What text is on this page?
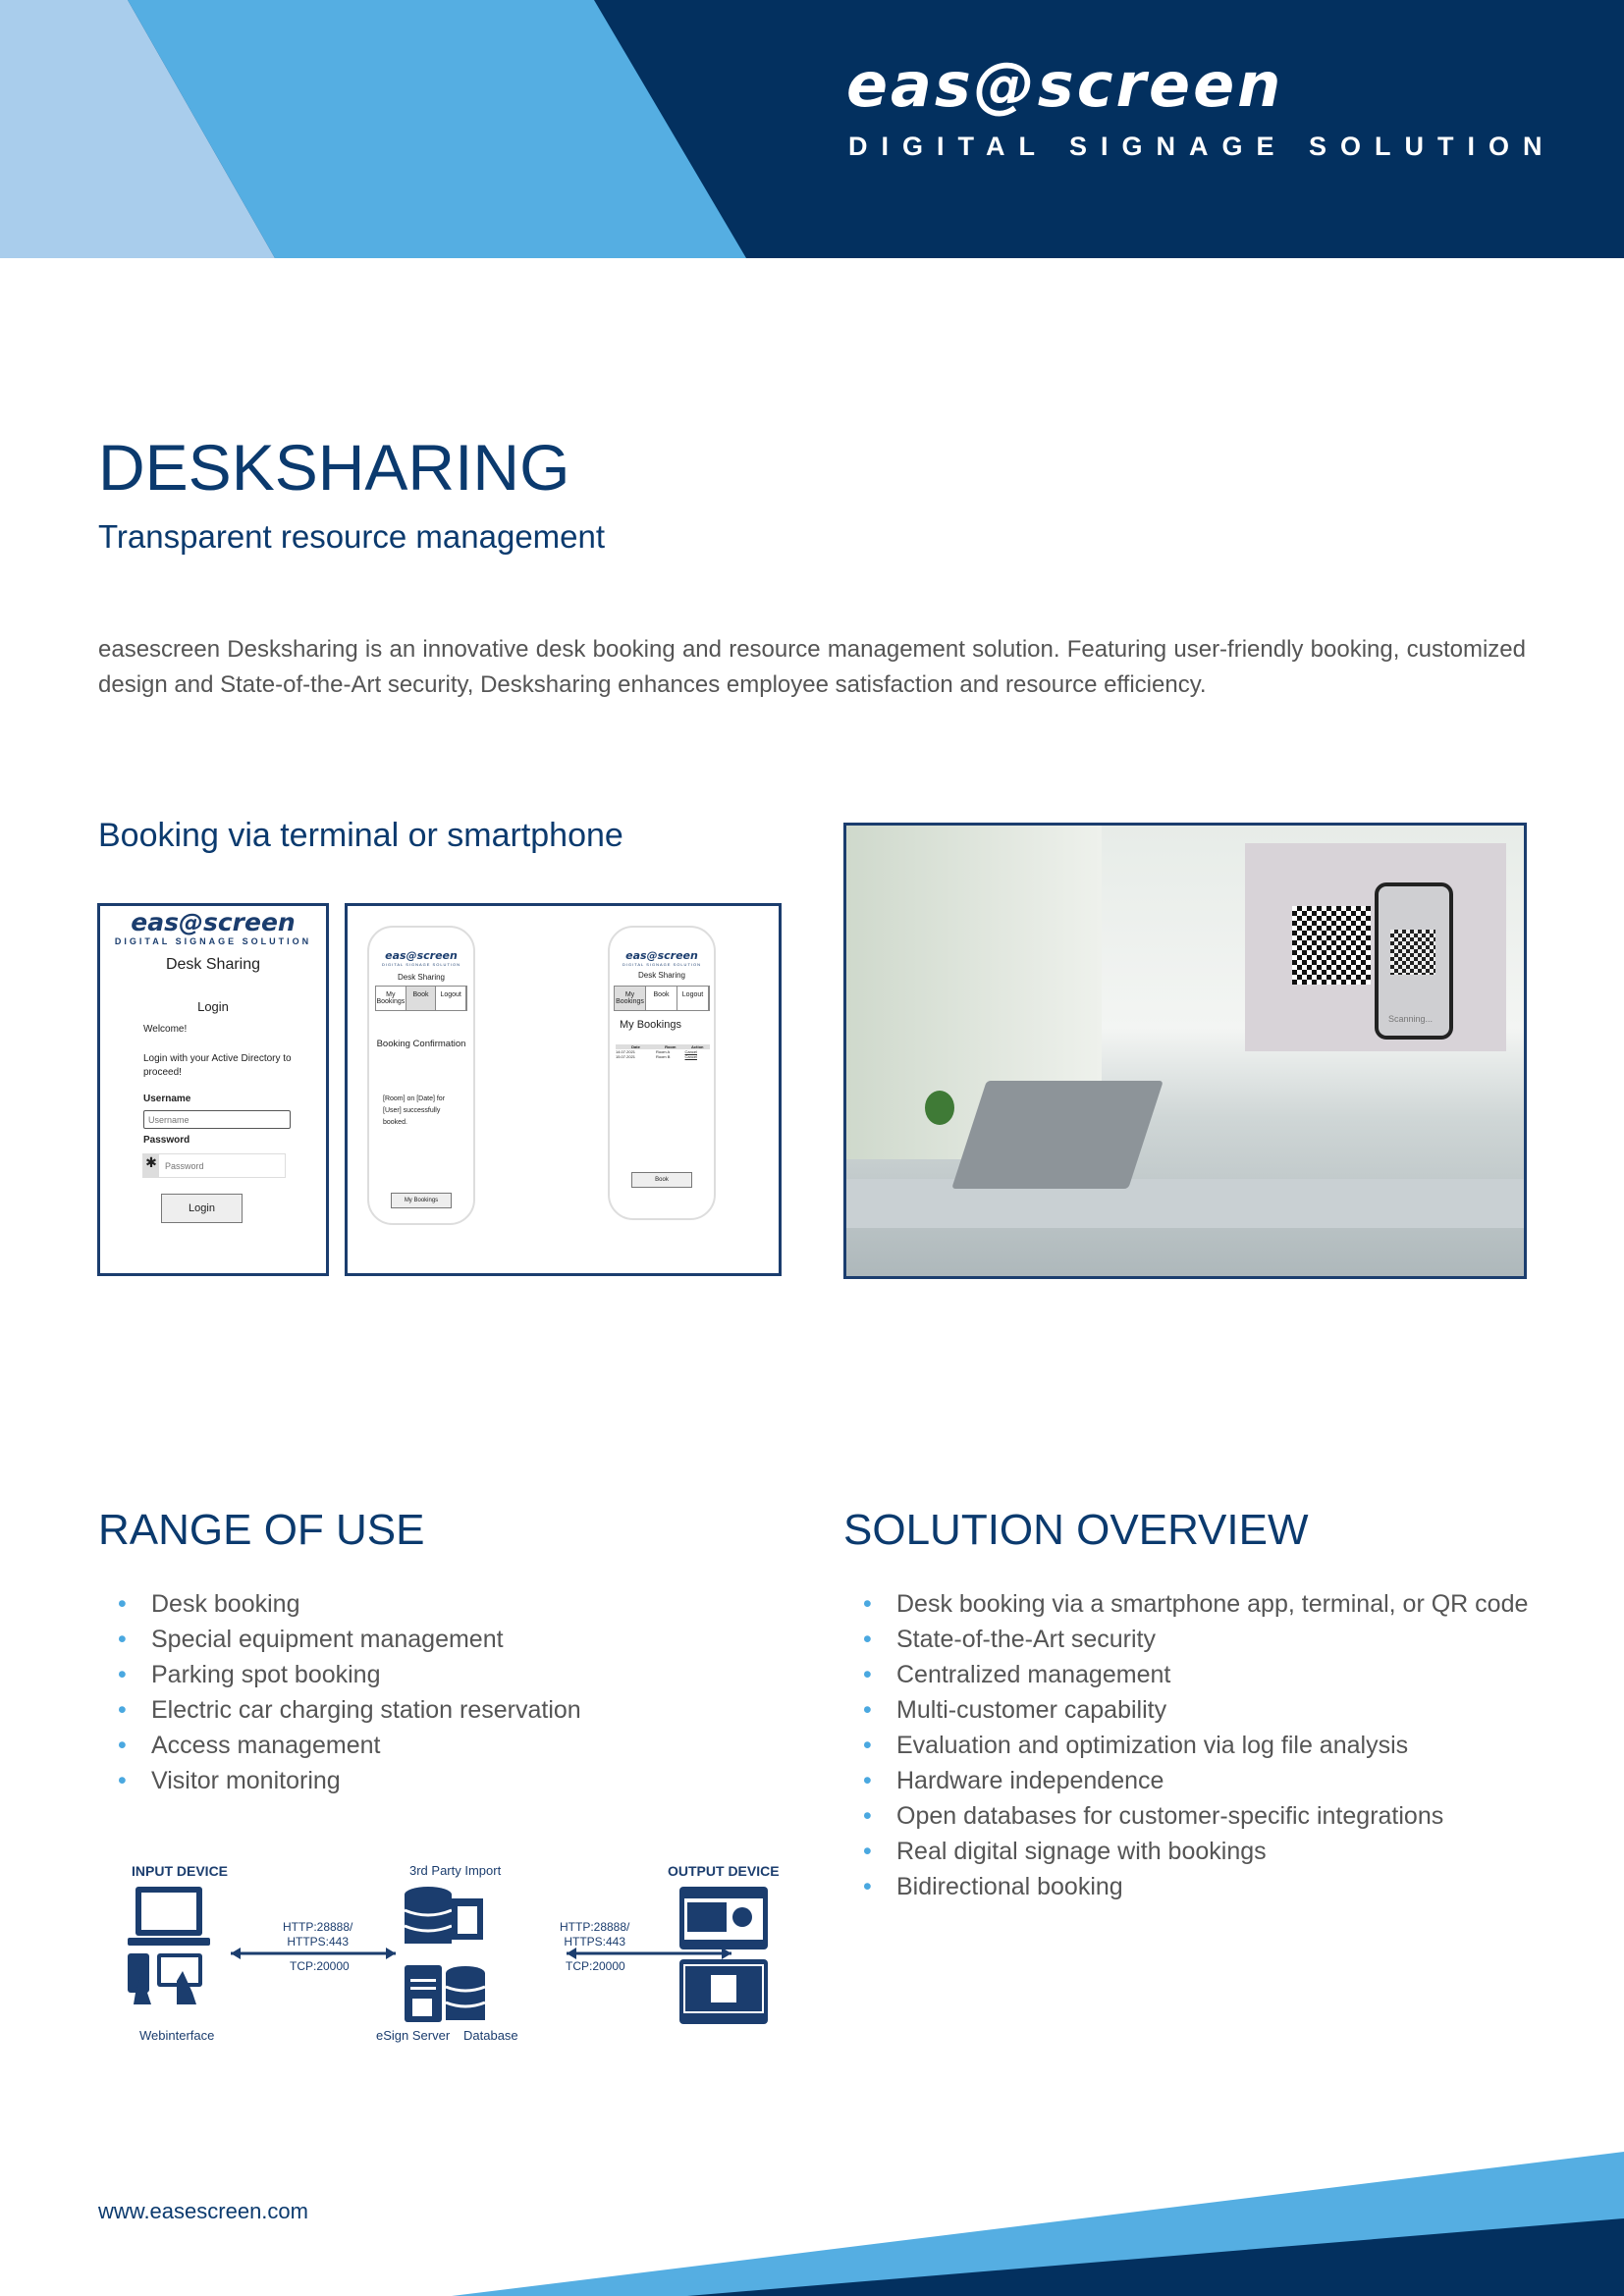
eas@screen
DIGITAL SIGNAGE SOLUTION
DESKSHARING
Transparent resource management
easescreen Desksharing is an innovative desk booking and resource management solution. Featuring user-friendly booking, customized design and State-of-the-Art security, Desksharing enhances employee satisfaction and resource efficiency.
Booking via terminal or smartphone
eas@screen
DIGITAL SIGNAGE SOLUTION
Desk Sharing
Login
Welcome!
Login with your Active Directory to proceed!
Username
Username
Password
✱
Password
Login
eas@screen
DIGITAL SIGNAGE SOLUTION
Desk Sharing
My Bookings
Book	Logout
Booking Confirmation
[Room] on [Date] for [User] successfully booked.
My Bookings
eas@screen
DIGITAL SIGNAGE SOLUTION
Desk Sharing
My Bookings
Book	Logout
My Bookings
Date	Room	Action
14.07.2021	Room A	Cancel
15.07.2021	Room B	Cancel
Book
Scanning...
RANGE OF USE
• Desk booking
• Special equipment management
• Parking spot booking
• Electric car charging station reservation
• Access management
• Visitor monitoring
SOLUTION OVERVIEW
• Desk booking via a smartphone app, terminal, or QR code
• State-of-the-Art security
• Centralized management
• Multi-customer capability
• Evaluation and optimization via log file analysis
• Hardware independence
• Open databases for customer-specific integrations
• Real digital signage with bookings
• Bidirectional booking
INPUT DEVICE
Webinterface
3rd Party Import
eSign Server Database
HTTP:28888/
HTTPS:443
TCP:20000
HTTP:28888/
HTTPS:443
TCP:20000
OUTPUT DEVICE
www.easescreen.com
